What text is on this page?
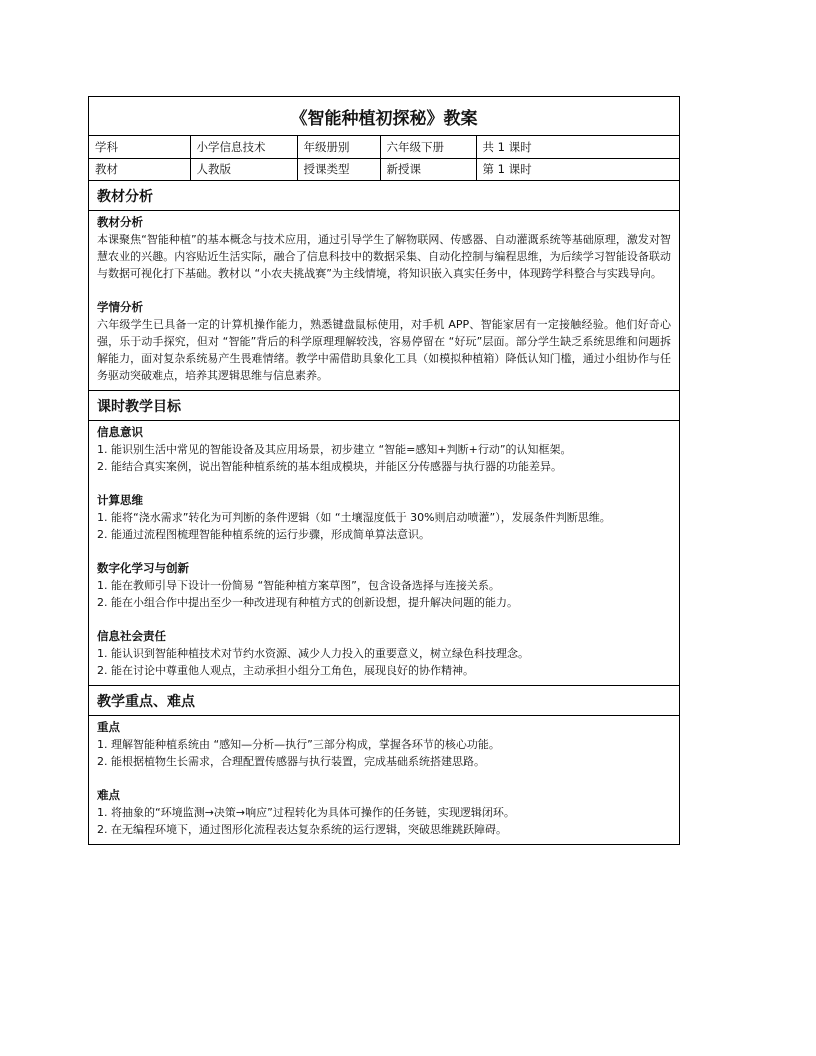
《智能种植初探秘》教案
学科	小学信息技术	年级册别	六年级下册	共 1 课时
教材	人教版	授课类型	新授课	第 1 课时
教材分析
教材分析
本课聚焦“智能种植”的基本概念与技术应用，通过引导学生了解物联网、传感器、自动灌溉系统等基础原理，激发对智慧农业的兴趣。内容贴近生活实际，融合了信息科技中的数据采集、自动化控制与编程思维，为后续学习智能设备联动与数据可视化打下基础。教材以 “小农夫挑战赛”为主线情境，将知识嵌入真实任务中，体现跨学科整合与实践导向。
学情分析
六年级学生已具备一定的计算机操作能力，熟悉键盘鼠标使用，对手机 APP、智能家居有一定接触经验。他们好奇心强，乐于动手探究，但对 “智能”背后的科学原理理解较浅，容易停留在 “好玩”层面。部分学生缺乏系统思维和问题拆解能力，面对复杂系统易产生畏难情绪。教学中需借助具象化工具（如模拟种植箱）降低认知门槛，通过小组协作与任务驱动突破难点，培养其逻辑思维与信息素养。
课时教学目标
信息意识
1. 能识别生活中常见的智能设备及其应用场景，初步建立 “智能=感知+判断+行动”的认知框架。
2. 能结合真实案例，说出智能种植系统的基本组成模块，并能区分传感器与执行器的功能差异。
计算思维
1. 能将“浇水需求”转化为可判断的条件逻辑（如 “土壤湿度低于 30%则启动喷灌”），发展条件判断思维。
2. 能通过流程图梳理智能种植系统的运行步骤，形成简单算法意识。
数字化学习与创新
1. 能在教师引导下设计一份简易 “智能种植方案草图”，包含设备选择与连接关系。
2. 能在小组合作中提出至少一种改进现有种植方式的创新设想，提升解决问题的能力。
信息社会责任
1. 能认识到智能种植技术对节约水资源、减少人力投入的重要意义，树立绿色科技理念。
2. 能在讨论中尊重他人观点，主动承担小组分工角色，展现良好的协作精神。
教学重点、难点
重点
1. 理解智能种植系统由 “感知—分析—执行”三部分构成，掌握各环节的核心功能。
2. 能根据植物生长需求，合理配置传感器与执行装置，完成基础系统搭建思路。
难点
1. 将抽象的“环境监测→决策→响应”过程转化为具体可操作的任务链，实现逻辑闭环。
2. 在无编程环境下，通过图形化流程表达复杂系统的运行逻辑，突破思维跳跃障碍。
